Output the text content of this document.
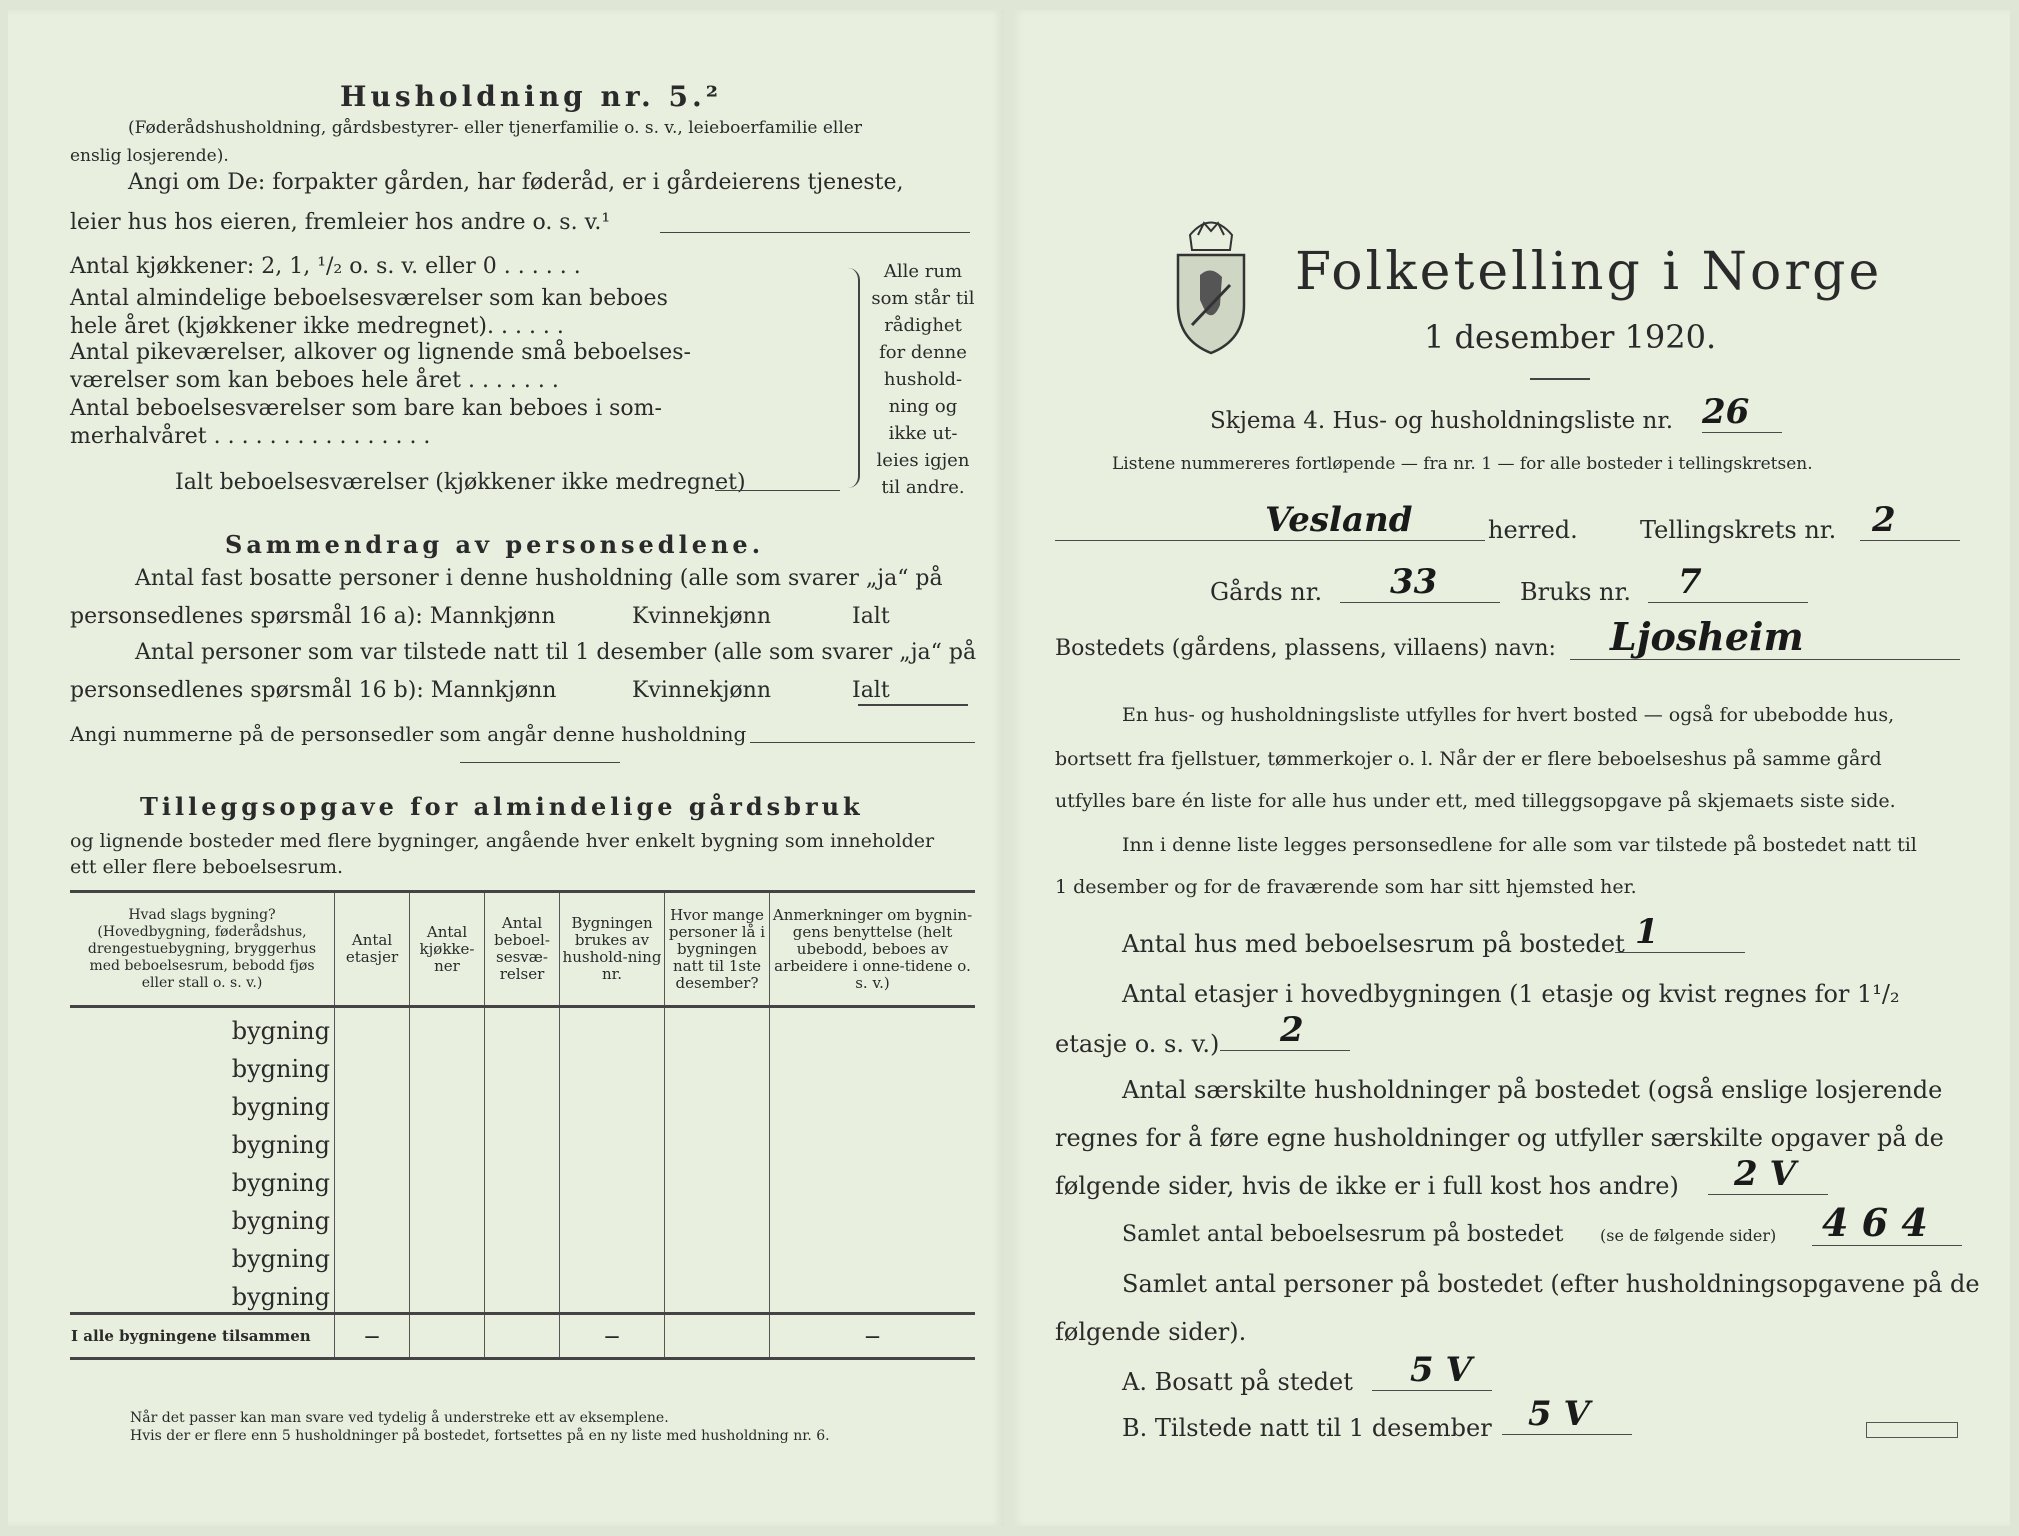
Husholdning nr. 5.²
(Føderådshusholdning, gårdsbestyrer- eller tjenerfamilie o. s. v., leieboerfamilie eller
enslig losjerende).
Angi om De: forpakter gården, har føderåd, er i gårdeierens tjeneste,
leier hus hos eieren, fremleier hos andre o. s. v.¹
Antal kjøkkener: 2, 1, ¹/₂ o. s. v. eller 0 . . . . . .
Antal almindelige beboelsesværelser som kan beboes
hele året (kjøkkener ikke medregnet). . . . . .
Antal pikeværelser, alkover og lignende små beboelses-
værelser som kan beboes hele året . . . . . . .
Antal beboelsesværelser som bare kan beboes i som-
merhalvåret . . . . . . . . . . . . . . . .
Ialt beboelsesværelser (kjøkkener ikke medregnet)
Alle rum
som står til
rådighet
for denne
hushold-
ning og
ikke ut-
leies igjen
til andre.
Sammendrag av personsedlene.
Antal fast bosatte personer i denne husholdning (alle som svarer „ja“ på
personsedlenes spørsmål 16 a): Mannkjønn	Kvinnekjønn	Ialt
Antal personer som var tilstede natt til 1 desember (alle som svarer „ja“ på
personsedlenes spørsmål 16 b): Mannkjønn	Kvinnekjønn	Ialt
Angi nummerne på de personsedler som angår denne husholdning
Tilleggsopgave for almindelige gårdsbruk
og lignende bosteder med flere bygninger, angående hver enkelt bygning som inneholder
ett eller flere beboelsesrum.
Hvad slags bygning?
(Hovedbygning, føderådshus, drengestuebygning, bryggerhus med beboelsesrum, bebodd fjøs eller stall o. s. v.)	Antal etasjer	Antal kjøkke-ner	Antal beboel-sesvæ-relser	Bygningen brukes av hushold-ning nr.	Hvor mange personer lå i bygningen natt til 1ste desember?	Anmerkninger om bygnin-gens benyttelse (helt ubebodd, beboes av arbeidere i onne-tidene o. s. v.)
bygning						
bygning						
bygning						
bygning						
bygning						
bygning						
bygning						
bygning						
I alle bygningene tilsammen	—			—		—
Når det passer kan man svare ved tydelig å understreke ett av eksemplene.
Hvis der er flere enn 5 husholdninger på bostedet, fortsettes på en ny liste med husholdning nr. 6.
Folketelling i Norge
1 desember 1920.
Skjema 4. Hus- og husholdningsliste nr. 26
Listene nummereres fortløpende — fra nr. 1 — for alle bosteder i tellingskretsen.
Vesland	herred.	Tellingskrets nr.	2
Gårds nr.	33	Bruks nr.	7
Bostedets (gårdens, plassens, villaens) navn:	Ljosheim
En hus- og husholdningsliste utfylles for hvert bosted — også for ubebodde hus,
bortsett fra fjellstuer, tømmerkojer o. l. Når der er flere beboelseshus på samme gård
utfylles bare én liste for alle hus under ett, med tilleggsopgave på skjemaets siste side.
Inn i denne liste legges personsedlene for alle som var tilstede på bostedet natt til
1 desember og for de fraværende som har sitt hjemsted her.
Antal hus med beboelsesrum på bostedet 1
Antal etasjer i hovedbygningen (1 etasje og kvist regnes for 1¹/₂
etasje o. s. v.)	2
Antal særskilte husholdninger på bostedet (også enslige losjerende
regnes for å føre egne husholdninger og utfyller særskilte opgaver på de
følgende sider, hvis de ikke er i full kost hos andre)	2 V
Samlet antal beboelsesrum på bostedet (se de følgende sider) 4 6 4
Samlet antal personer på bostedet (efter husholdningsopgavene på de
følgende sider).
A. Bosatt på stedet	5 V
B. Tilstede natt til 1 desember	5 V
